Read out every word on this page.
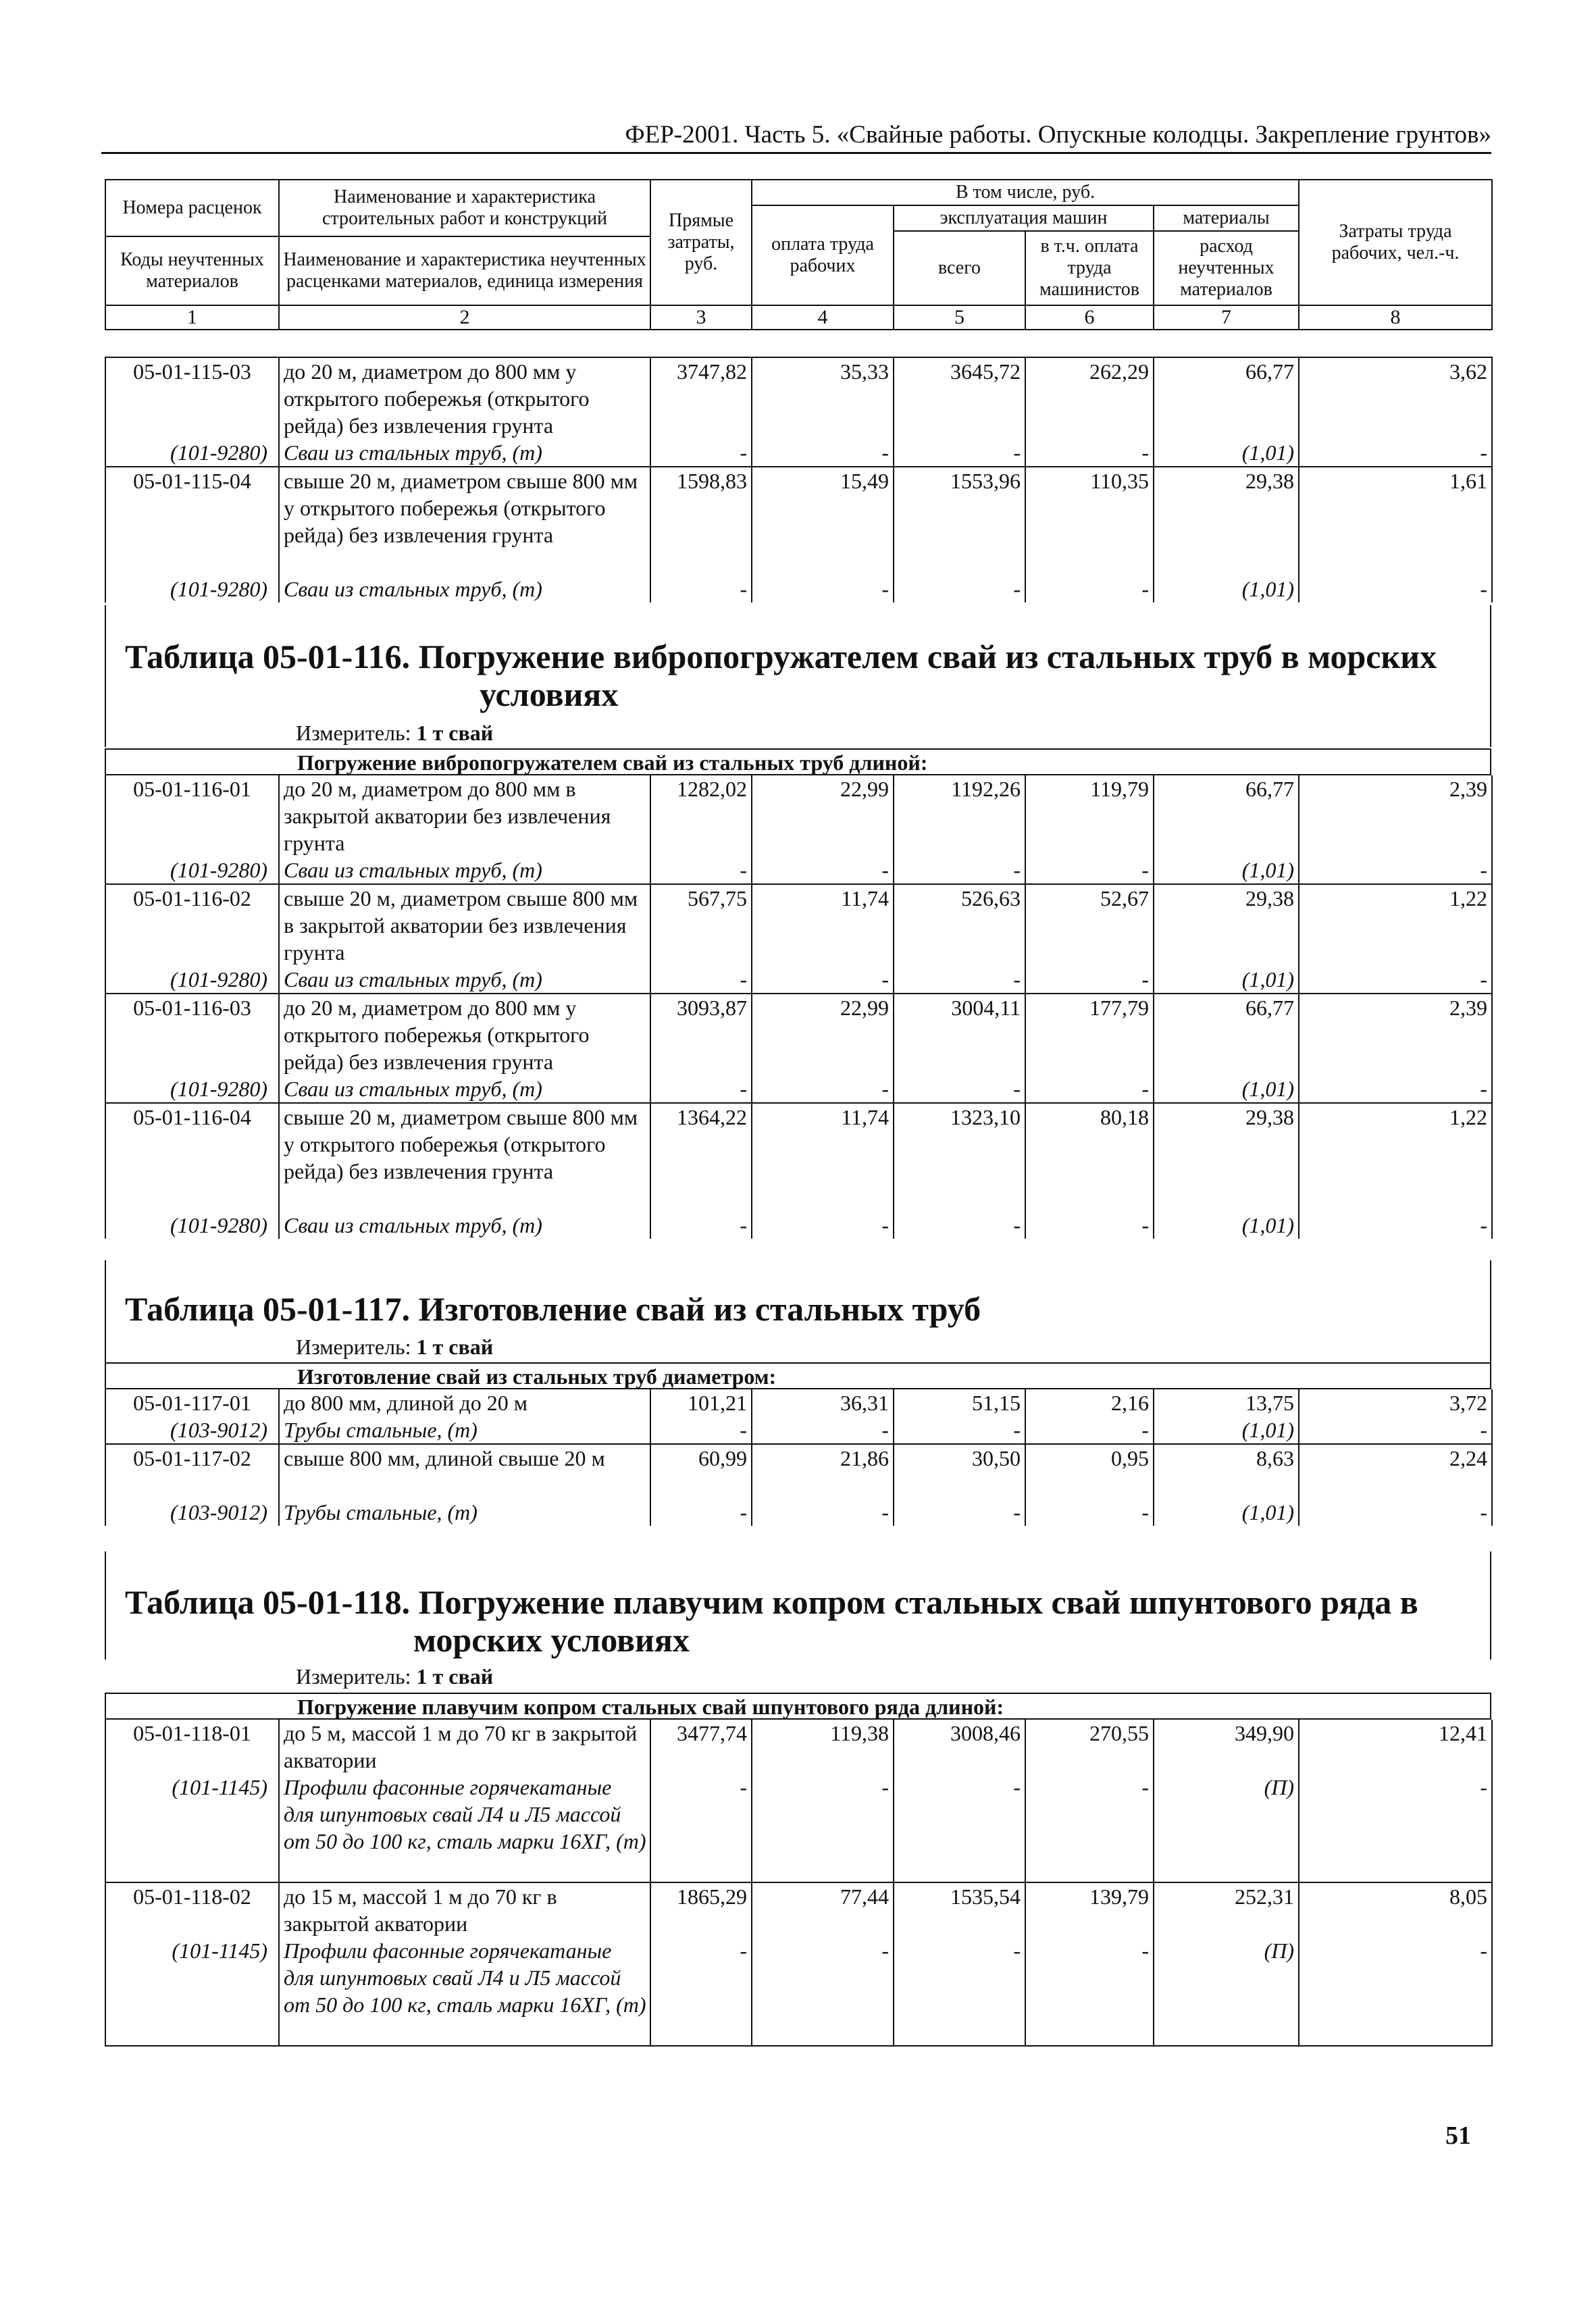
ФЕР-2001. Часть 5. «Свайные работы. Опускные колодцы. Закрепление грунтов»
Номера расценок	Наименование и характеристика строительных работ и конструкций	Прямые затраты, руб.	В том числе, руб.				Затраты труда рабочих, чел.-ч.
			оплата труда рабочих	эксплуатация машин		материалы	
				всего	в т.ч. оплата труда машинистов	расход неучтенных материалов	
Коды неучтенных материалов	Наименование и характеристика неучтенных расценками материалов, единица измерения						

1	2	3	4	5	6	7	8
05-01-115-03	до 20 м, диаметром до 800 мм у открытого побережья (открытого рейда) без извлечения грунта	3747,82	35,33	3645,72	262,29	66,77	3,62
(101-9280)	Сваи из стальных труб, (т)	-	-	-	-	(1,01)	-
05-01-115-04	свыше 20 м, диаметром свыше 800 мм у открытого побережья (открытого рейда) без извлечения грунта	1598,83	15,49	1553,96	110,35	29,38	1,61
(101-9280)	Сваи из стальных труб, (т)	-	-	-	-	(1,01)	-
Таблица 05-01-116. Погружение вибропогружателем свай из стальных труб в морских
условиях
Измеритель: 1 т свай
Погружение вибропогружателем свай из стальных труб длиной:
05-01-116-01	до 20 м, диаметром до 800 мм в закрытой акватории без извлечения грунта	1282,02	22,99	1192,26	119,79	66,77	2,39
(101-9280)	Сваи из стальных труб, (т)	-	-	-	-	(1,01)	-
05-01-116-02	свыше 20 м, диаметром свыше 800 мм в закрытой акватории без извлечения грунта	567,75	11,74	526,63	52,67	29,38	1,22
(101-9280)	Сваи из стальных труб, (т)	-	-	-	-	(1,01)	-
05-01-116-03	до 20 м, диаметром до 800 мм у открытого побережья (открытого рейда) без извлечения грунта	3093,87	22,99	3004,11	177,79	66,77	2,39
(101-9280)	Сваи из стальных труб, (т)	-	-	-	-	(1,01)	-
05-01-116-04	свыше 20 м, диаметром свыше 800 мм у открытого побережья (открытого рейда) без извлечения грунта	1364,22	11,74	1323,10	80,18	29,38	1,22
(101-9280)	Сваи из стальных труб, (т)	-	-	-	-	(1,01)	-
Таблица 05-01-117. Изготовление свай из стальных труб
Измеритель: 1 т свай
Изготовление свай из стальных труб диаметром:
05-01-117-01	до 800 мм, длиной до 20 м	101,21	36,31	51,15	2,16	13,75	3,72
(103-9012)	Трубы стальные, (т)	-	-	-	-	(1,01)	-
05-01-117-02	свыше 800 мм, длиной свыше 20 м	60,99	21,86	30,50	0,95	8,63	2,24
(103-9012)	Трубы стальные, (т)	-	-	-	-	(1,01)	-
Таблица 05-01-118. Погружение плавучим копром стальных свай шпунтового ряда в
морских условиях
Измеритель: 1 т свай
Погружение плавучим копром стальных свай шпунтового ряда длиной:
05-01-118-01	до 5 м, массой 1 м до 70 кг в закрытой акватории	3477,74	119,38	3008,46	270,55	349,90	12,41
(101-1145)	Профили фасонные горячекатаные для шпунтовых свай Л4 и Л5 массой от 50 до 100 кг, сталь марки 16ХГ, (т)	-	-	-	-	(П)	-
05-01-118-02	до 15 м, массой 1 м до 70 кг в закрытой акватории	1865,29	77,44	1535,54	139,79	252,31	8,05
(101-1145)	Профили фасонные горячекатаные для шпунтовых свай Л4 и Л5 массой от 50 до 100 кг, сталь марки 16ХГ, (т)	-	-	-	-	(П)	-
51
